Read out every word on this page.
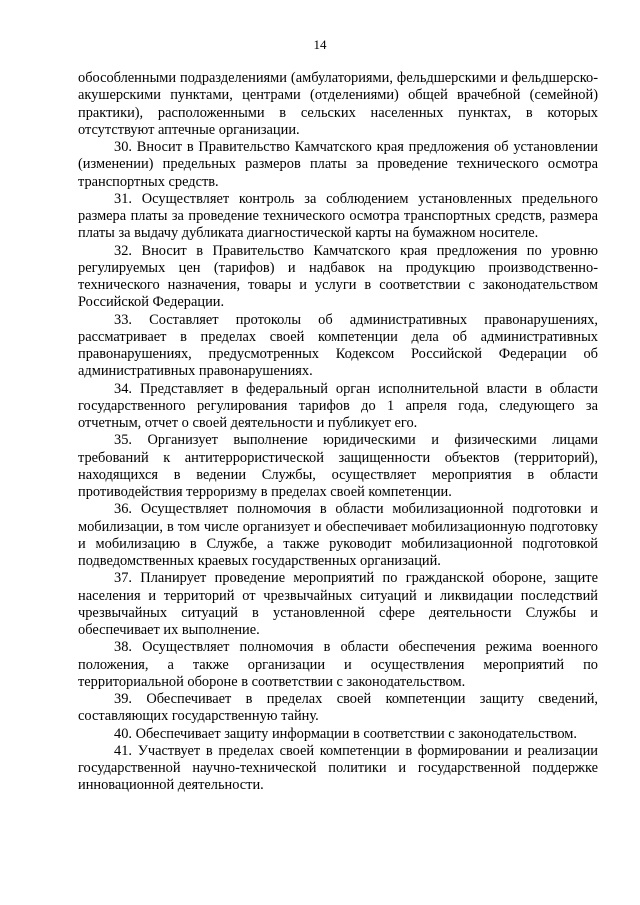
14

обособленными подразделениями (амбулаториями, фельдшерскими и фельдшерско-акушерскими пунктами, центрами (отделениями) общей врачебной (семейной) практики), расположенными в сельских населенных пунктах, в которых отсутствуют аптечные организации.

30. Вносит в Правительство Камчатского края предложения об установлении (изменении) предельных размеров платы за проведение технического осмотра транспортных средств.

31. Осуществляет контроль за соблюдением установленных предельного размера платы за проведение технического осмотра транспортных средств, размера платы за выдачу дубликата диагностической карты на бумажном носителе.

32. Вносит в Правительство Камчатского края предложения по уровню регулируемых цен (тарифов) и надбавок на продукцию производственно-технического назначения, товары и услуги в соответствии с законодательством Российской Федерации.

33. Составляет протоколы об административных правонарушениях, рассматривает в пределах своей компетенции дела об административных правонарушениях, предусмотренных Кодексом Российской Федерации об административных правонарушениях.

34. Представляет в федеральный орган исполнительной власти в области государственного регулирования тарифов до 1 апреля года, следующего за отчетным, отчет о своей деятельности и публикует его.

35. Организует выполнение юридическими и физическими лицами требований к антитеррористической защищенности объектов (территорий), находящихся в ведении Службы, осуществляет мероприятия в области противодействия терроризму в пределах своей компетенции.

36. Осуществляет полномочия в области мобилизационной подготовки и мобилизации, в том числе организует и обеспечивает мобилизационную подготовку и мобилизацию в Службе, а также руководит мобилизационной подготовкой подведомственных краевых государственных организаций.

37. Планирует проведение мероприятий по гражданской обороне, защите населения и территорий от чрезвычайных ситуаций и ликвидации последствий чрезвычайных ситуаций в установленной сфере деятельности Службы и обеспечивает их выполнение.

38. Осуществляет полномочия в области обеспечения режима военного положения, а также организации и осуществления мероприятий по территориальной обороне в соответствии с законодательством.

39. Обеспечивает в пределах своей компетенции защиту сведений, составляющих государственную тайну.

40. Обеспечивает защиту информации в соответствии с законодательством.

41. Участвует в пределах своей компетенции в формировании и реализации государственной научно-технической политики и государственной поддержке инновационной деятельности.
